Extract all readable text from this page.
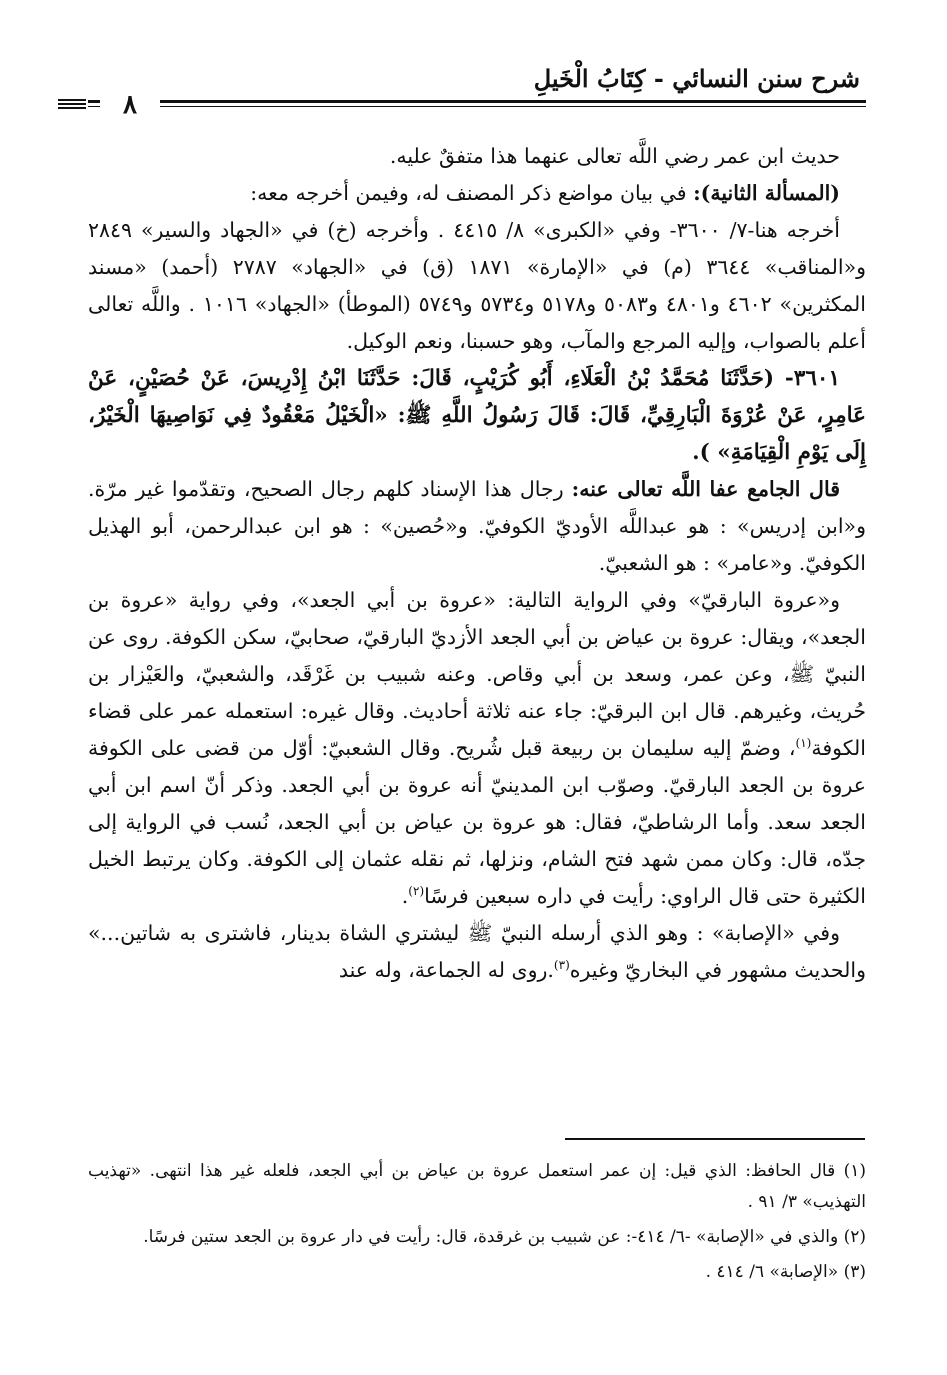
شرح سنن النسائي - كِتَابُ الْخَيلِ
٨

حديث ابن عمر رضي اللَّه تعالى عنهما هذا متفقٌ عليه.

(المسألة الثانية): في بيان مواضع ذكر المصنف له، وفيمن أخرجه معه:

أخرجه هنا-٧/ ٣٦٠٠- وفي «الكبرى» ٨/ ٤٤١٥ . وأخرجه (خ) في «الجهاد والسير» ٢٨٤٩ و«المناقب» ٣٦٤٤ (م) في «الإمارة» ١٨٧١ (ق) في «الجهاد» ٢٧٨٧ (أحمد) «مسند المكثرين» ٤٦٠٢ و٤٨٠١ و٥٠٨٣ و٥١٧٨ و٥٧٣٤ و٥٧٤٩ (الموطأ) «الجهاد» ١٠١٦ . واللَّه تعالى أعلم بالصواب، وإليه المرجع والمآب، وهو حسبنا، ونعم الوكيل.

٣٦٠١- (حَدَّثَنَا مُحَمَّدُ بْنُ الْعَلَاءِ، أَبُو كُرَيْبٍ، قَالَ: حَدَّثَنَا ابْنُ إِدْرِيسَ، عَنْ حُصَيْنٍ، عَنْ عَامِرٍ، عَنْ عُرْوَةَ الْبَارِقِيِّ، قَالَ: قَالَ رَسُولُ اللَّهِ ﷺ: «الْخَيْلُ مَعْقُودٌ فِي نَوَاصِيهَا الْخَيْرُ، إِلَى يَوْمِ الْقِيَامَةِ» ).

قال الجامع عفا اللَّه تعالى عنه: رجال هذا الإسناد كلهم رجال الصحيح، وتقدّموا غير مرّة. و«ابن إدريس» : هو عبداللَّه الأوديّ الكوفيّ. و«حُصين» : هو ابن عبدالرحمن، أبو الهذيل الكوفيّ. و«عامر» : هو الشعبيّ.

و«عروة البارقيّ» وفي الرواية التالية: «عروة بن أبي الجعد»، وفي رواية «عروة بن الجعد»، ويقال: عروة بن عياض بن أبي الجعد الأزديّ البارقيّ، صحابيّ، سكن الكوفة. روى عن النبيّ ﷺ، وعن عمر، وسعد بن أبي وقاص. وعنه شبيب بن غَرْقَد، والشعبيّ، والعَيْزار بن حُريث، وغيرهم. قال ابن البرقيّ: جاء عنه ثلاثة أحاديث. وقال غيره: استعمله عمر على قضاء الكوفة$^{(١)}$، وضمّ إليه سليمان بن ربيعة قبل شُريح. وقال الشعبيّ: أوّل من قضى على الكوفة عروة بن الجعد البارقيّ. وصوّب ابن المدينيّ أنه عروة بن أبي الجعد. وذكر أنّ اسم ابن أبي الجعد سعد. وأما الرشاطيّ، فقال: هو عروة بن عياض بن أبي الجعد، نُسب في الرواية إلى جدّه، قال: وكان ممن شهد فتح الشام، ونزلها، ثم نقله عثمان إلى الكوفة. وكان يرتبط الخيل الكثيرة حتى قال الراوي: رأيت في داره سبعين فرسًا$^{(٢)}$.

وفي «الإصابة» : وهو الذي أرسله النبيّ ﷺ ليشتري الشاة بدينار، فاشترى به شاتين...» والحديث مشهور في البخاريّ وغيره$^{(٣)}$.روى له الجماعة، وله عند

(١) قال الحافظ: الذي قيل: إن عمر استعمل عروة بن عياض بن أبي الجعد، فلعله غير هذا انتهى. «تهذيب التهذيب» ٣/ ٩١ .

(٢) والذي في «الإصابة» -٦/ ٤١٤-: عن شبيب بن غرقدة، قال: رأيت في دار عروة بن الجعد ستين فرسًا.

(٣) «الإصابة» ٦/ ٤١٤ .
